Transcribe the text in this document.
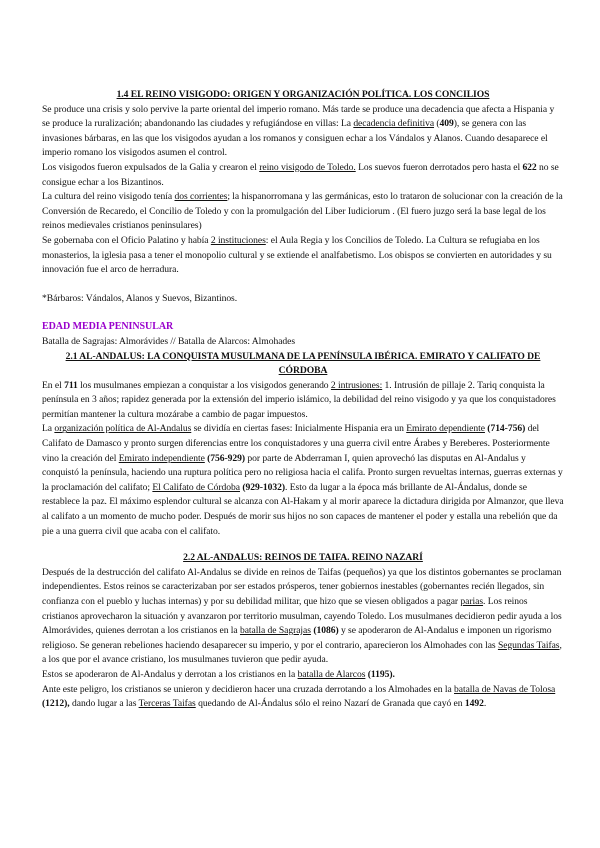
1.4 EL REINO VISIGODO: ORIGEN Y ORGANIZACIÓN POLÍTICA. LOS CONCILIOS

Se produce una crisis y solo pervive la parte oriental del imperio romano. Más tarde se produce una decadencia que afecta a Hispania y se produce la ruralización; abandonando las ciudades y refugiándose en villas: La decadencia definitiva (409), se genera con las invasiones bárbaras, en las que los visigodos ayudan a los romanos y consiguen echar a los Vándalos y Alanos. Cuando desaparece el imperio romano los visigodos asumen el control.

Los visigodos fueron expulsados de la Galia y crearon el reino visigodo de Toledo. Los suevos fueron derrotados pero hasta el 622 no se consigue echar a los Bizantinos.

La cultura del reino visigodo tenía dos corrientes; la hispanorromana y las germánicas, esto lo trataron de solucionar con la creación de la Conversión de Recaredo, el Concilio de Toledo y con la promulgación del Liber Iudiciorum . (El fuero juzgo será la base legal de los reinos medievales cristianos peninsulares)

Se gobernaba con el Oficio Palatino y había 2 instituciones: el Aula Regia y los Concilios de Toledo. La Cultura se refugiaba en los monasterios, la iglesia pasa a tener el monopolio cultural y se extiende el analfabetismo. Los obispos se convierten en autoridades y su innovación fue el arco de herradura.

*Bárbaros: Vándalos, Alanos y Suevos, Bizantinos.

EDAD MEDIA PENINSULAR

Batalla de Sagrajas: Almorávides // Batalla de Alarcos: Almohades

2.1 AL-ANDALUS: LA CONQUISTA MUSULMANA DE LA PENÍNSULA IBÉRICA. EMIRATO Y CALIFATO DE CÓRDOBA

En el 711 los musulmanes empiezan a conquistar a los visigodos generando 2 intrusiones: 1. Intrusión de pillaje 2. Tariq conquista la península en 3 años; rapidez generada por la extensión del imperio islámico, la debilidad del reino visigodo y ya que los conquistadores permitían mantener la cultura mozárabe a cambio de pagar impuestos.

La organización política de Al-Andalus se dividía en ciertas fases: Inicialmente Hispania era un Emirato dependiente (714-756) del Califato de Damasco y pronto surgen diferencias entre los conquistadores y una guerra civil entre Árabes y Bereberes. Posteriormente vino la creación del Emirato independiente (756-929) por parte de Abderraman I, quien aprovechó las disputas en Al-Andalus y conquistó la península, haciendo una ruptura política pero no religiosa hacia el califa. Pronto surgen revueltas internas, guerras externas y la proclamación del califato; El Califato de Córdoba (929-1032). Esto da lugar a la época más brillante de Al-Ándalus, donde se restablece la paz. El máximo esplendor cultural se alcanza con Al-Hakam y al morir aparece la dictadura dirigida por Almanzor, que lleva al califato a un momento de mucho poder. Después de morir sus hijos no son capaces de mantener el poder y estalla una rebelión que da pie a una guerra civil que acaba con el califato.

2.2 AL-ANDALUS: REINOS DE TAIFA. REINO NAZARÍ

Después de la destrucción del califato Al-Andalus se divide en reinos de Taifas (pequeños) ya que los distintos gobernantes se proclaman independientes. Estos reinos se caracterizaban por ser estados prósperos, tener gobiernos inestables (gobernantes recién llegados, sin confianza con el pueblo y luchas internas) y por su debilidad militar, que hizo que se viesen obligados a pagar parias. Los reinos cristianos aprovecharon la situación y avanzaron por territorio musulman, cayendo Toledo. Los musulmanes decidieron pedir ayuda a los Almorávides, quienes derrotan a los cristianos en la batalla de Sagrajas (1086) y se apoderaron de Al-Andalus e imponen un rigorismo religioso. Se generan rebeliones haciendo desaparecer su imperio, y por el contrario, aparecieron los Almohades con las Segundas Taifas, a los que por el avance cristiano, los musulmanes tuvieron que pedir ayuda.

Estos se apoderaron de Al-Andalus y derrotan a los cristianos en la batalla de Alarcos (1195).

Ante este peligro, los cristianos se unieron y decidieron hacer una cruzada derrotando a los Almohades en la batalla de Navas de Tolosa (1212), dando lugar a las Terceras Taifas quedando de Al-Ándalus sólo el reino Nazarí de Granada que cayó en 1492.
